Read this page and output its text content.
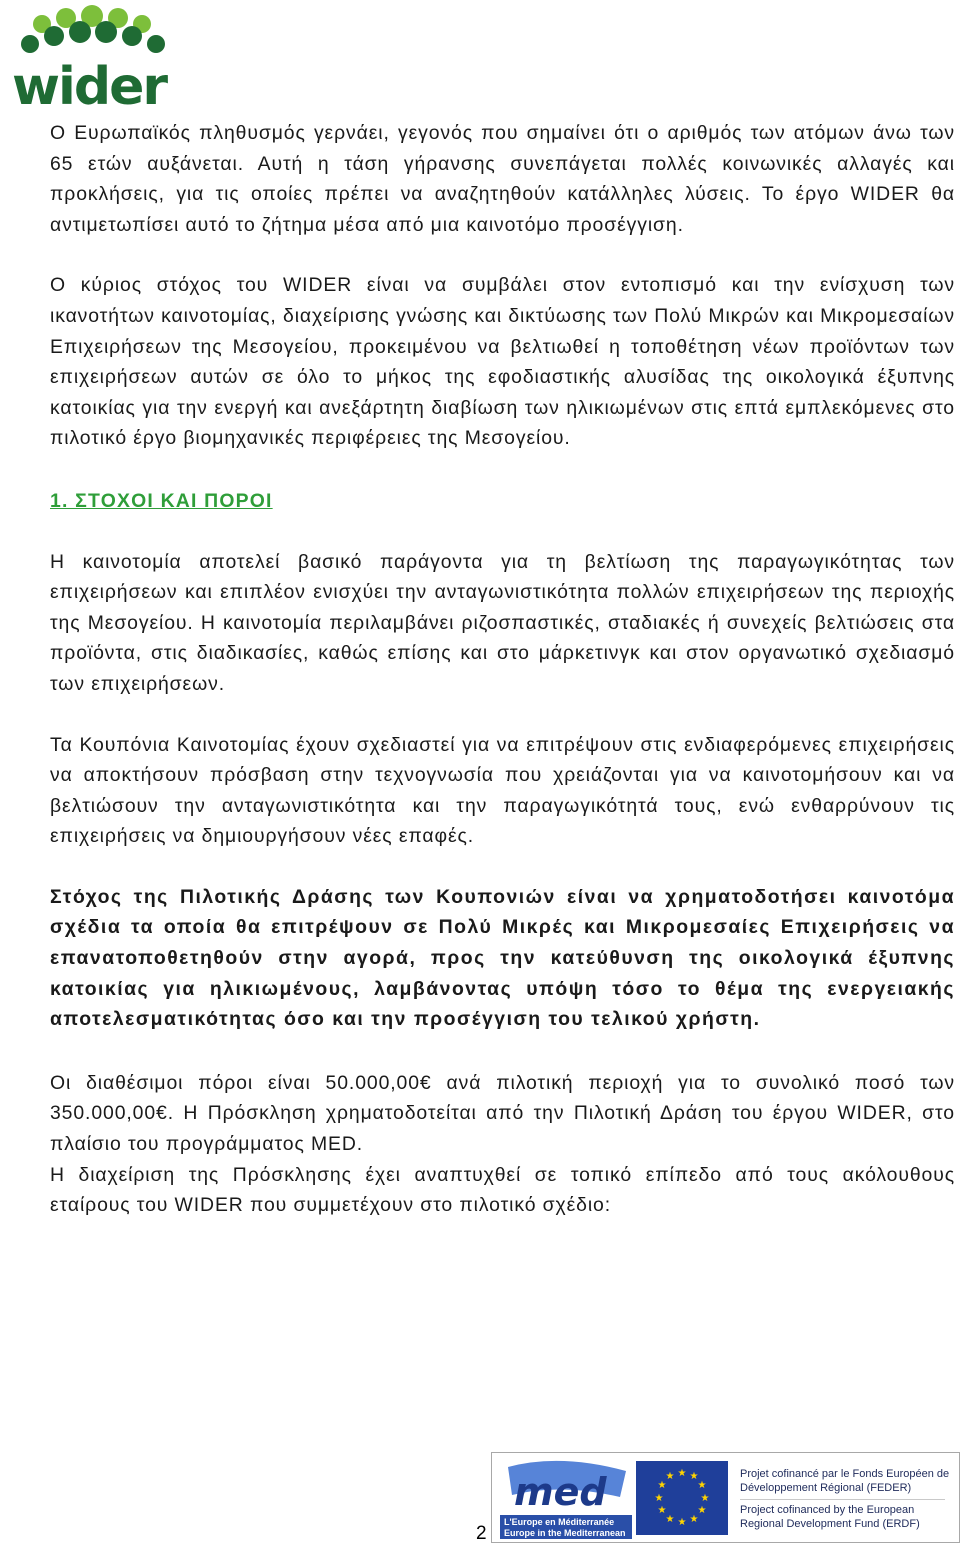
wider

Ο Ευρωπαϊκός πληθυσμός γερνάει, γεγονός που σημαίνει ότι ο αριθμός των ατόμων άνω των 65 ετών αυξάνεται. Αυτή η τάση γήρανσης συνεπάγεται πολλές κοινωνικές αλλαγές και προκλήσεις, για τις οποίες πρέπει να αναζητηθούν κατάλληλες λύσεις. Το έργο WIDER θα αντιμετωπίσει αυτό το ζήτημα μέσα από μια καινοτόμο προσέγγιση.

Ο κύριος στόχος του WIDER είναι να συμβάλει στον εντοπισμό και την ενίσχυση των ικανοτήτων καινοτομίας, διαχείρισης γνώσης και δικτύωσης των Πολύ Μικρών και Μικρομεσαίων Επιχειρήσεων της Μεσογείου, προκειμένου να βελτιωθεί η τοποθέτηση νέων προϊόντων των επιχειρήσεων αυτών σε όλο το μήκος της εφοδιαστικής αλυσίδας της οικολογικά έξυπνης κατοικίας για την ενεργή και ανεξάρτητη διαβίωση των ηλικιωμένων στις επτά εμπλεκόμενες στο πιλοτικό έργο βιομηχανικές περιφέρειες της Μεσογείου.

1. ΣΤΟΧΟΙ ΚΑΙ ΠΟΡΟΙ

Η καινοτομία αποτελεί βασικό παράγοντα για τη βελτίωση της παραγωγικότητας των επιχειρήσεων και επιπλέον ενισχύει την ανταγωνιστικότητα πολλών επιχειρήσεων της περιοχής της Μεσογείου. Η καινοτομία περιλαμβάνει ριζοσπαστικές, σταδιακές ή συνεχείς βελτιώσεις στα προϊόντα, στις διαδικασίες, καθώς επίσης και στο μάρκετινγκ και στον οργανωτικό σχεδιασμό των επιχειρήσεων.

Τα Κουπόνια Καινοτομίας έχουν σχεδιαστεί για να επιτρέψουν στις ενδιαφερόμενες επιχειρήσεις να αποκτήσουν πρόσβαση στην τεχνογνωσία που χρειάζονται για να καινοτομήσουν και να βελτιώσουν την ανταγωνιστικότητα και την παραγωγικότητά τους, ενώ ενθαρρύνουν τις επιχειρήσεις να δημιουργήσουν νέες επαφές.

Στόχος της Πιλοτικής Δράσης των Κουπονιών είναι να χρηματοδοτήσει καινοτόμα σχέδια τα οποία θα επιτρέψουν σε Πολύ Μικρές και Μικρομεσαίες Επιχειρήσεις να επανατοποθετηθούν στην αγορά, προς την κατεύθυνση της οικολογικά έξυπνης κατοικίας για ηλικιωμένους, λαμβάνοντας υπόψη τόσο το θέμα της ενεργειακής αποτελεσματικότητας όσο και την προσέγγιση του τελικού χρήστη.

Οι διαθέσιμοι πόροι είναι 50.000,00€ ανά πιλοτική περιοχή για το συνολικό ποσό των 350.000,00€. Η Πρόσκληση χρηματοδοτείται από την Πιλοτική Δράση του έργου WIDER, στο πλαίσιο του προγράμματος MED.

Η διαχείριση της Πρόσκλησης έχει αναπτυχθεί σε τοπικό επίπεδο από τους ακόλουθους εταίρους του WIDER που συμμετέχουν στο πιλοτικό σχέδιο:

med
L'Europe en Méditerranée
Europe in the Mediterranean
★ ★
★
★
★
★
★
★
★
★
★
★	Projet cofinancé par le Fonds Européen de Développement Régional (FEDER)
Project cofinanced by the European Regional Development Fund (ERDF)
2
